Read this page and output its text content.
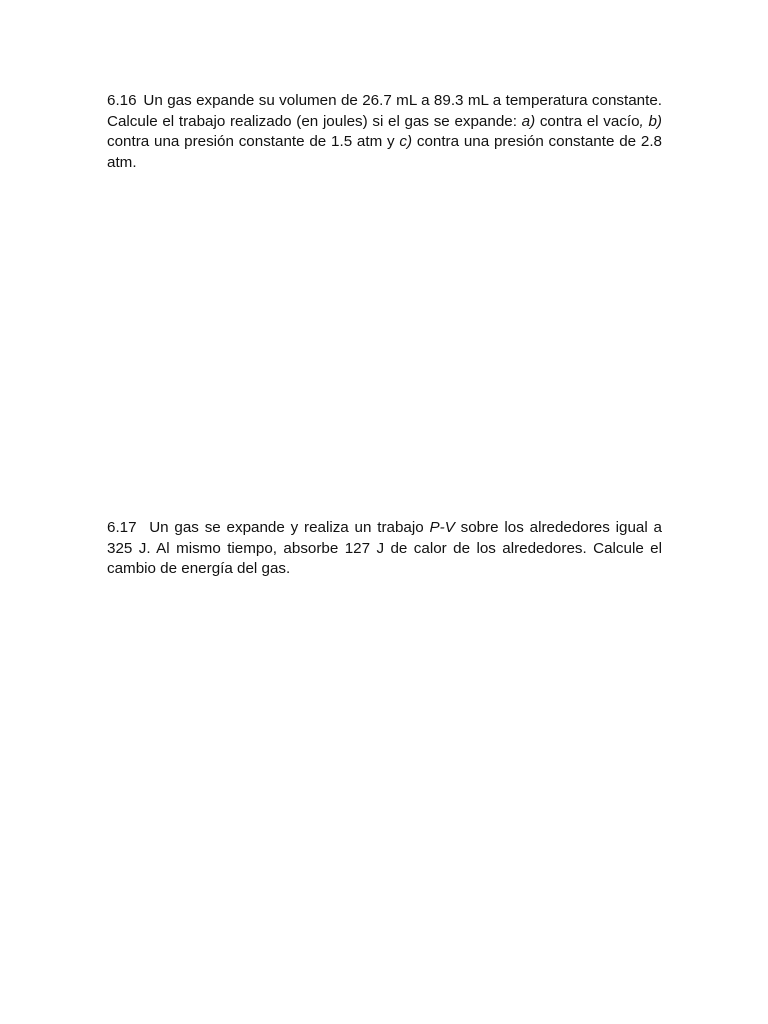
6.16 Un gas expande su volumen de 26.7 mL a 89.3 mL a temperatura constante. Calcule el trabajo realizado (en joules) si el gas se expande: a) contra el vacío, b) contra una presión constante de 1.5 atm y c) contra una presión constante de 2.8 atm.

6.17 Un gas se expande y realiza un trabajo P-V sobre los alrededores igual a 325 J. Al mismo tiempo, absorbe 127 J de calor de los alrededores. Calcule el cambio de energía del gas.
